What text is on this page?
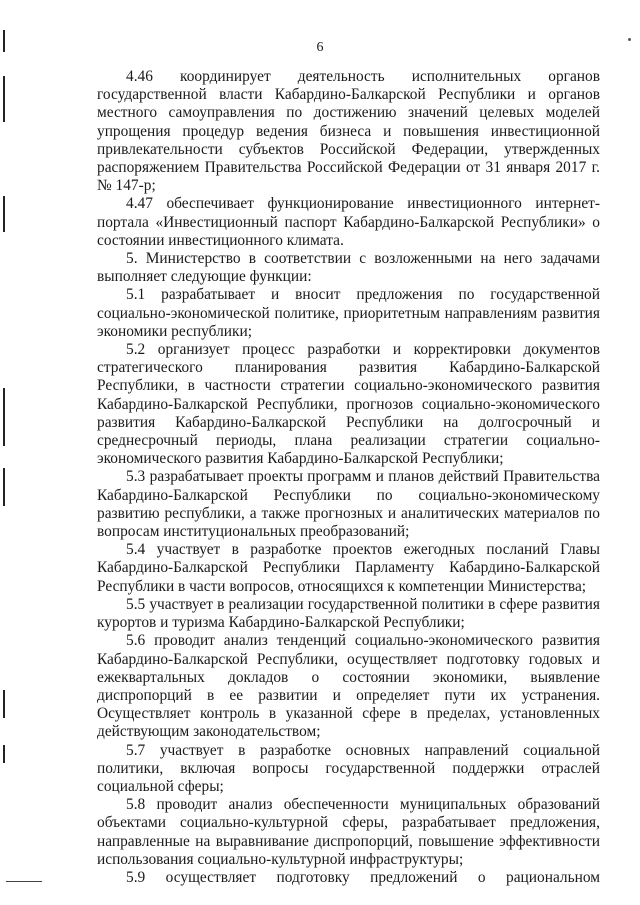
6

4.46 координирует деятельность исполнительных органов государственной власти Кабардино-Балкарской Республики и органов местного самоуправления по достижению значений целевых моделей упрощения процедур ведения бизнеса и повышения инвестиционной привлекательности субъектов Российской Федерации, утвержденных распоряжением Правительства Российской Федерации от 31 января 2017 г. № 147-р;

4.47 обеспечивает функционирование инвестиционного интернет-портала «Инвестиционный паспорт Кабардино-Балкарской Республики» о состоянии инвестиционного климата.

5. Министерство в соответствии с возложенными на него задачами выполняет следующие функции:

5.1 разрабатывает и вносит предложения по государственной социально-экономической политике, приоритетным направлениям развития экономики республики;

5.2 организует процесс разработки и корректировки документов стратегического планирования развития Кабардино-Балкарской Республики, в частности стратегии социально-экономического развития Кабардино-Балкарской Республики, прогнозов социально-экономического развития Кабардино-Балкарской Республики на долгосрочный и среднесрочный периоды, плана реализации стратегии социально-экономического развития Кабардино-Балкарской Республики;

5.3 разрабатывает проекты программ и планов действий Правительства Кабардино-Балкарской Республики по социально-экономическому развитию республики, а также прогнозных и аналитических материалов по вопросам институциональных преобразований;

5.4 участвует в разработке проектов ежегодных посланий Главы Кабардино-Балкарской Республики Парламенту Кабардино-Балкарской Республики в части вопросов, относящихся к компетенции Министерства;

5.5 участвует в реализации государственной политики в сфере развития курортов и туризма Кабардино-Балкарской Республики;

5.6 проводит анализ тенденций социально-экономического развития Кабардино-Балкарской Республики, осуществляет подготовку годовых и ежеквартальных докладов о состоянии экономики, выявление диспропорций в ее развитии и определяет пути их устранения. Осуществляет контроль в указанной сфере в пределах, установленных действующим законодательством;

5.7 участвует в разработке основных направлений социальной политики, включая вопросы государственной поддержки отраслей социальной сферы;

5.8 проводит анализ обеспеченности муниципальных образований объектами социально-культурной сферы, разрабатывает предложения, направленные на выравнивание диспропорций, повышение эффективности использования социально-культурной инфраструктуры;

5.9 осуществляет подготовку предложений о рациональном
